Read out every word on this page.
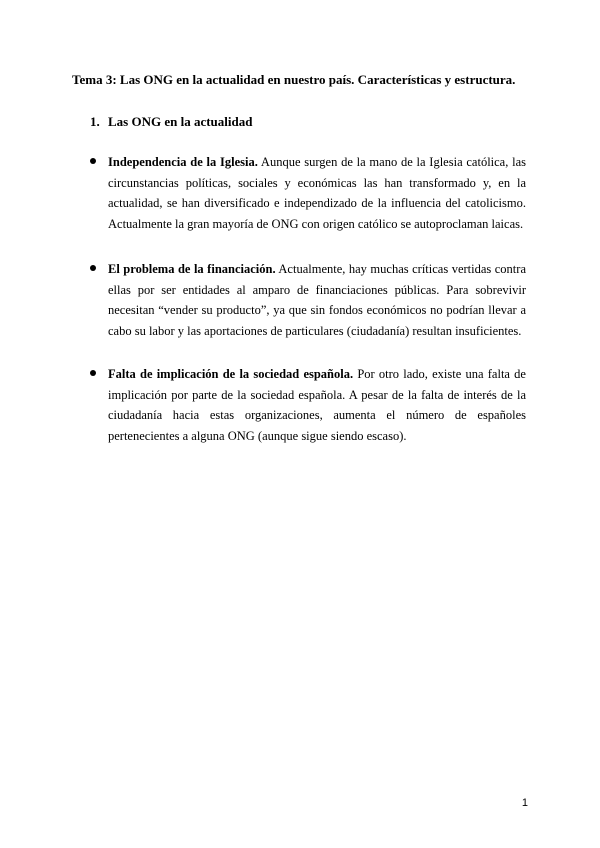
Tema 3: Las ONG en la actualidad en nuestro país. Características y estructura.

1. Las ONG en la actualidad

Independencia de la Iglesia. Aunque surgen de la mano de la Iglesia católica, las circunstancias políticas, sociales y económicas las han transformado y, en la actualidad, se han diversificado e independizado de la influencia del catolicismo. Actualmente la gran mayoría de ONG con origen católico se autoproclaman laicas.
El problema de la financiación. Actualmente, hay muchas críticas vertidas contra ellas por ser entidades al amparo de financiaciones públicas. Para sobrevivir necesitan “vender su producto”, ya que sin fondos económicos no podrían llevar a cabo su labor y las aportaciones de particulares (ciudadanía) resultan insuficientes.
Falta de implicación de la sociedad española. Por otro lado, existe una falta de implicación por parte de la sociedad española. A pesar de la falta de interés de la ciudadanía hacia estas organizaciones, aumenta el número de españoles pertenecientes a alguna ONG (aunque sigue siendo escaso).
1
